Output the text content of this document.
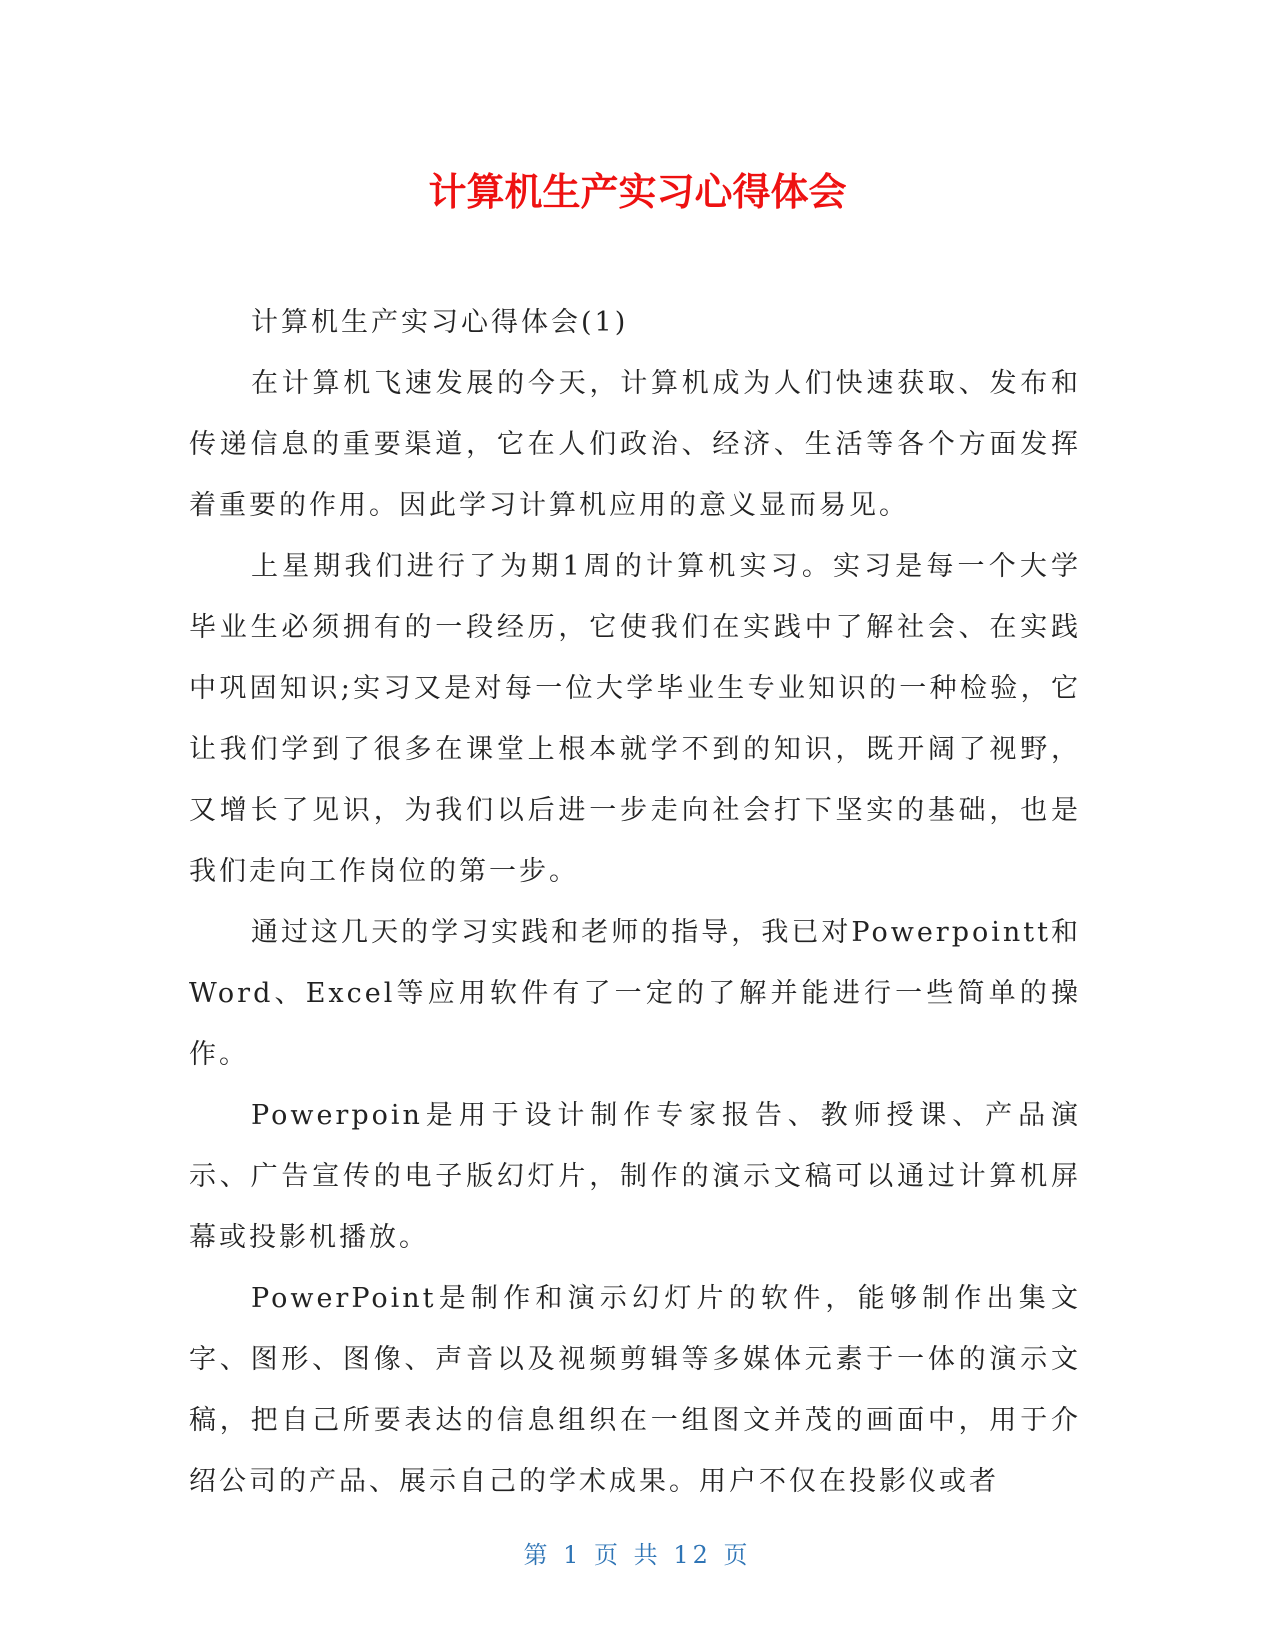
计算机生产实习心得体会

计算机生产实习心得体会(1)

在计算机飞速发展的今天，计算机成为人们快速获取、发布和传递信息的重要渠道，它在人们政治、经济、生活等各个方面发挥着重要的作用。因此学习计算机应用的意义显而易见。

上星期我们进行了为期1周的计算机实习。实习是每一个大学毕业生必须拥有的一段经历，它使我们在实践中了解社会、在实践中巩固知识;实习又是对每一位大学毕业生专业知识的一种检验，它让我们学到了很多在课堂上根本就学不到的知识，既开阔了视野，又增长了见识，为我们以后进一步走向社会打下坚实的基础，也是我们走向工作岗位的第一步。

通过这几天的学习实践和老师的指导，我已对Powerpointt和Word、Excel等应用软件有了一定的了解并能进行一些简单的操作。

Powerpoin是用于设计制作专家报告、教师授课、产品演示、广告宣传的电子版幻灯片，制作的演示文稿可以通过计算机屏幕或投影机播放。

PowerPoint是制作和演示幻灯片的软件，能够制作出集文字、图形、图像、声音以及视频剪辑等多媒体元素于一体的演示文稿，把自己所要表达的信息组织在一组图文并茂的画面中，用于介绍公司的产品、展示自己的学术成果。用户不仅在投影仪或者

第 1 页 共 12 页
